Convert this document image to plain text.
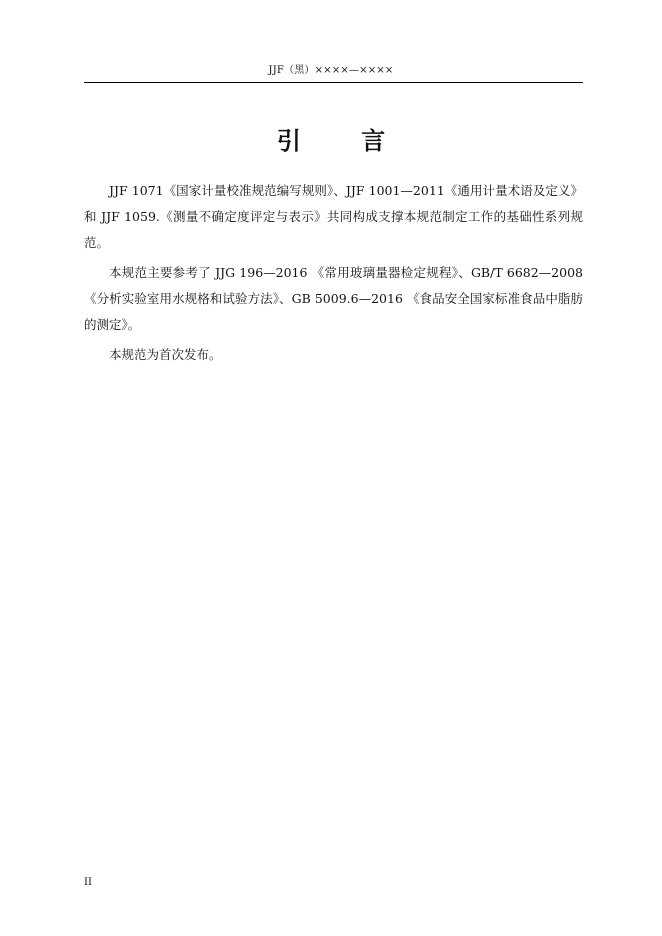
JJF（黑）××××—××××
引 言

JJF 1071《国家计量校准规范编写规则》、JJF 1001—2011《通用计量术语及定义》和 JJF 1059.《测量不确定度评定与表示》共同构成支撑本规范制定工作的基础性系列规范。

本规范主要参考了 JJG 196—2016 《常用玻璃量器检定规程》、GB/T 6682—2008《分析实验室用水规格和试验方法》、GB 5009.6—2016 《食品安全国家标准食品中脂肪的测定》。

本规范为首次发布。

II
